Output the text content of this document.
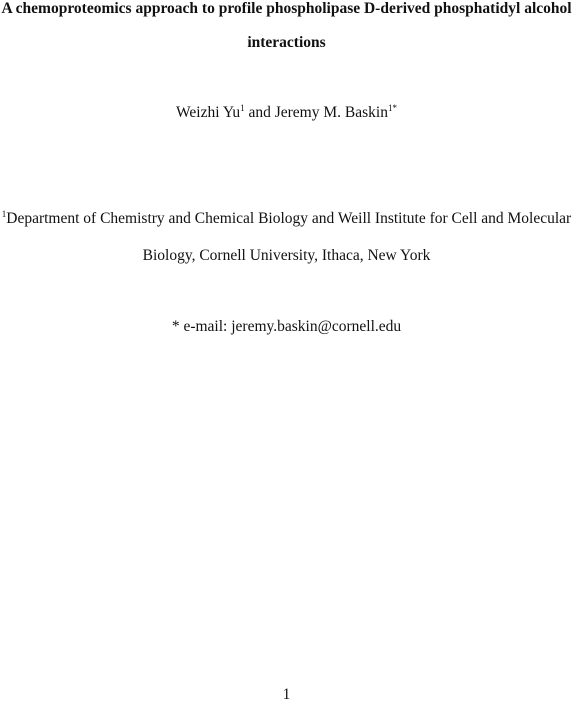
A chemoproteomics approach to profile phospholipase D-derived phosphatidyl alcohol
interactions
Weizhi Yu$^1$ and Jeremy M. Baskin$^{1*}$
$^1$Department of Chemistry and Chemical Biology and Weill Institute for Cell and Molecular
Biology, Cornell University, Ithaca, New York
* e-mail: jeremy.baskin@cornell.edu
1
